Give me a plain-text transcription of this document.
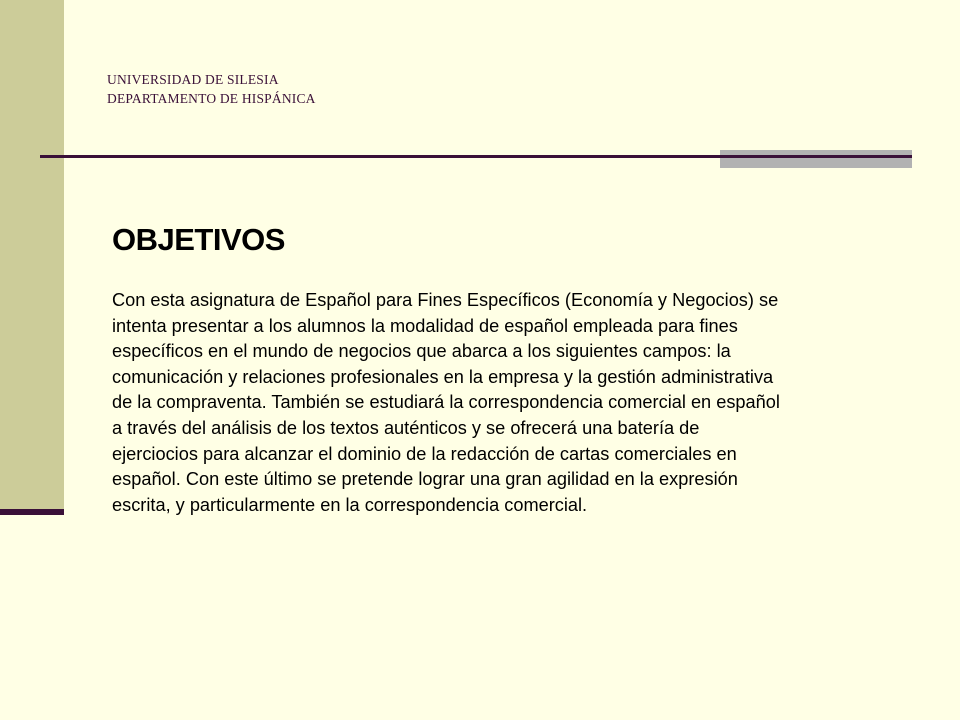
UNIVERSIDAD DE SILESIA
DEPARTAMENTO DE HISPÁNICA
OBJETIVOS
Con esta asignatura de Español para Fines Específicos (Economía y Negocios) se
intenta presentar a los alumnos la modalidad de español empleada para fines
específicos en el mundo de negocios que abarca a los siguientes campos: la
comunicación y relaciones profesionales en la empresa y la gestión administrativa
de la compraventa. También se estudiará la correspondencia comercial en español
a través del análisis de los textos auténticos y se ofrecerá una batería de
ejerciocios para alcanzar el dominio de la redacción de cartas comerciales en
español. Con este último se pretende lograr una gran agilidad en la expresión
escrita, y particularmente en la correspondencia comercial.
